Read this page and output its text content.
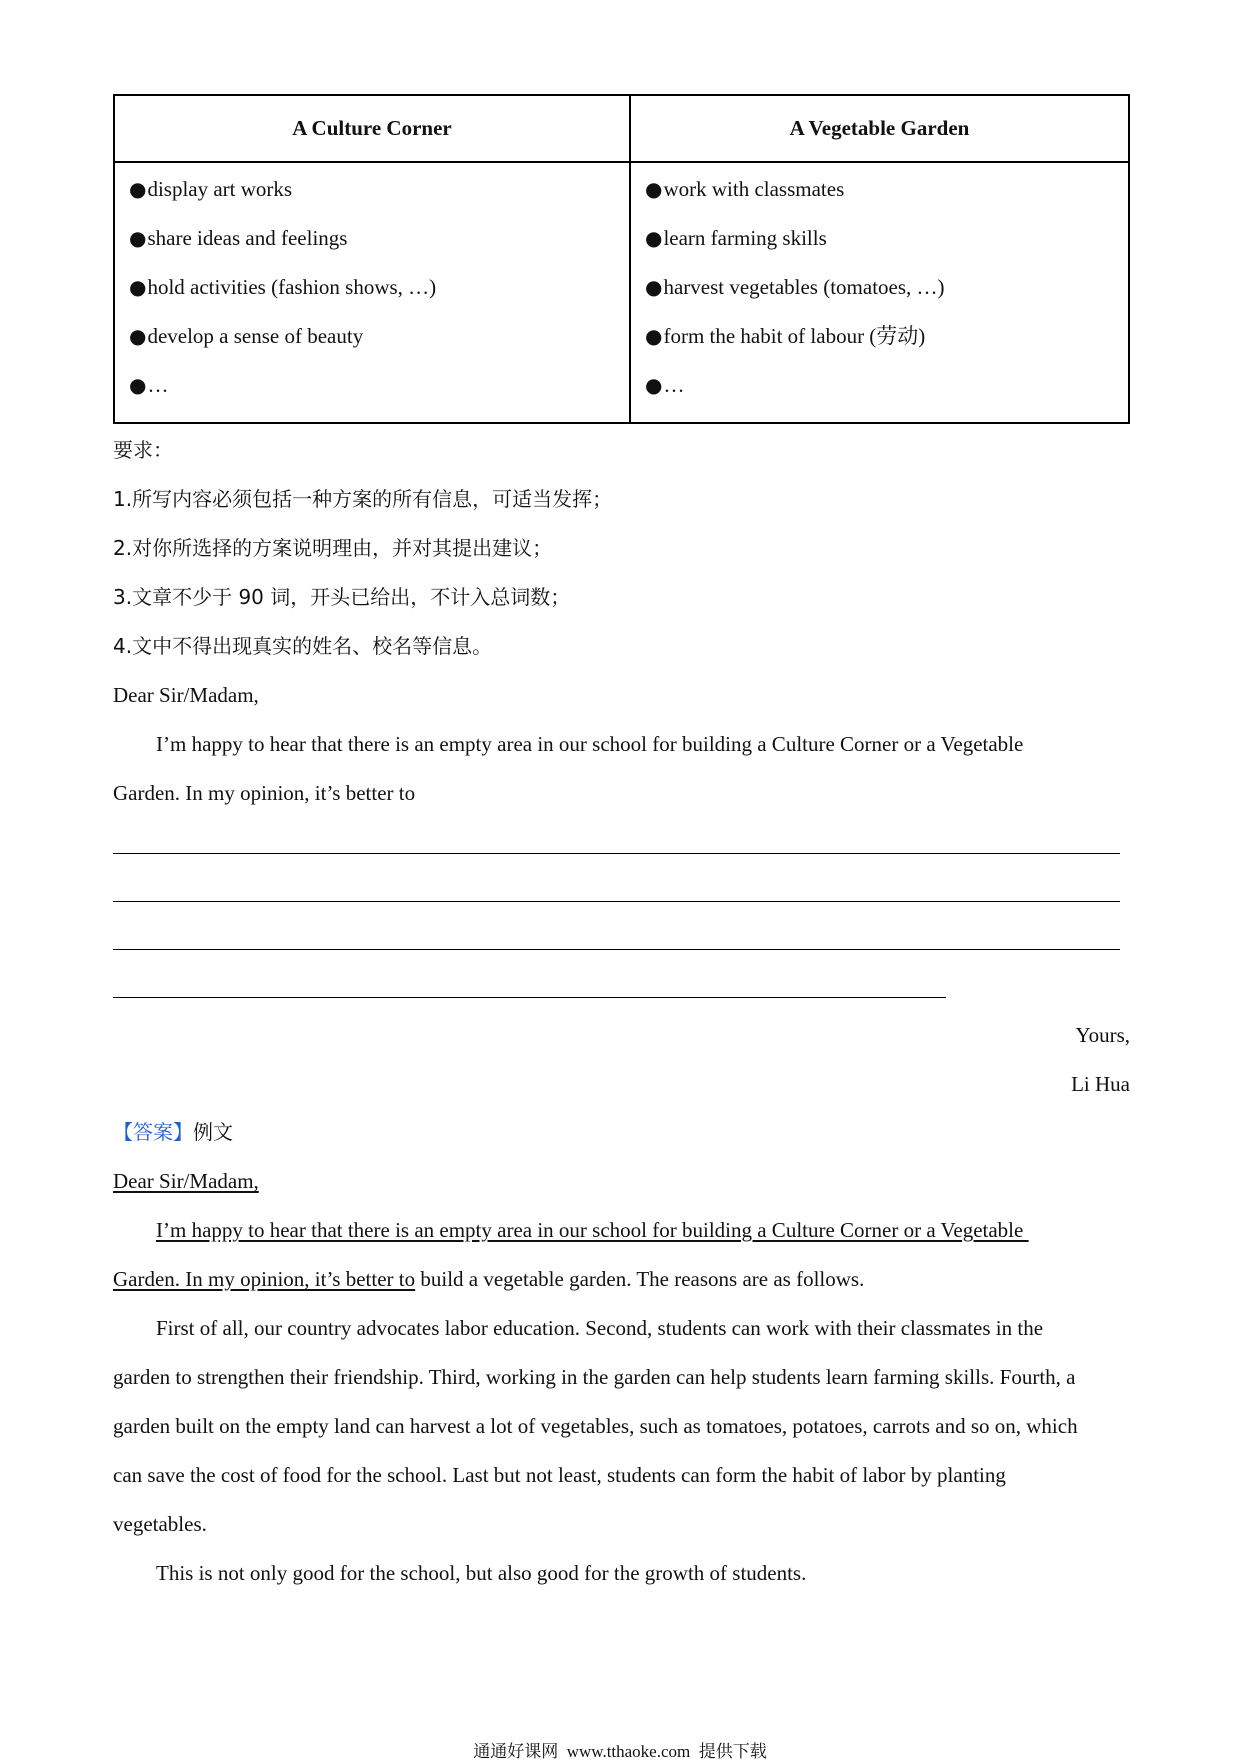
A Culture Corner	A Vegetable Garden
● display art works
● share ideas and feelings
● hold activities (fashion shows, …)
● develop a sense of beauty
● …
● work with classmates
● learn farming skills
● harvest vegetables (tomatoes, …)
● form the habit of labour (劳动)
● …
要求：
1.所写内容必须包括一种方案的所有信息，可适当发挥；
2.对你所选择的方案说明理由，并对其提出建议；
3.文章不少于 90 词，开头已给出，不计入总词数；
4.文中不得出现真实的姓名、校名等信息。
Dear Sir/Madam,
I’m happy to hear that there is an empty area in our school for building a Culture Corner or a Vegetable
Garden. In my opinion, it’s better to
Yours,
Li Hua
【答案】例文
Dear Sir/Madam,
I’m happy to hear that there is an empty area in our school for building a Culture Corner or a Vegetable
Garden. In my opinion, it’s better to build a vegetable garden. The reasons are as follows.
First of all, our country advocates labor education. Second, students can work with their classmates in the
garden to strengthen their friendship. Third, working in the garden can help students learn farming skills. Fourth, a
garden built on the empty land can harvest a lot of vegetables, such as tomatoes, potatoes, carrots and so on, which
can save the cost of food for the school. Last but not least, students can form the habit of labor by planting
vegetables.
This is not only good for the school, but also good for the growth of students.
通通好课网 www.tthaoke.com 提供下载
